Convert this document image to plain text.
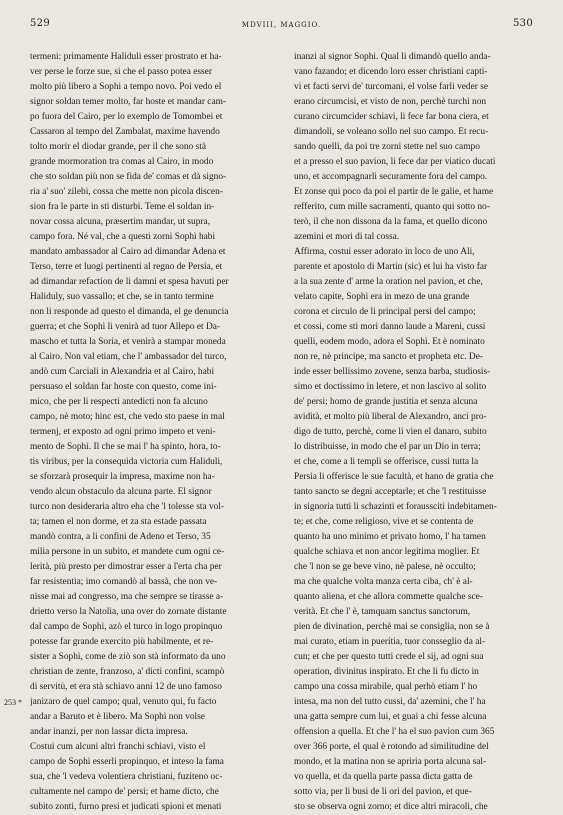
529	MDVIII, MAGGIO.	530
253 *
termeni: primamente Haliduli esser prostrato et ha-
ver perse le forze sue, si che el passo potea esser
molto più libero a Sophi a tempo novo. Poi vedo el
signor soldan temer molto, far hoste et mandar cam-
po fuora del Cairo, per lo exemplo de Tomombei et
Cassaron al tempo del Zambalat, maxime havendo
tolto morir el diodar grande, per il che sono stà
grande mormoration tra comas al Cairo, in modo
che sto soldan più non se fida de' comas et dà signo-
ria a' suo' zilebi, cossa che mette non picola discen-
sion fra le parte in sti disturbi. Teme el soldan in-
novar cossa alcuna, præsertim mandar, ut supra,
campo fora. Né val, che a questi zorni Sophì habi
mandato ambassador al Cairo ad dimandar Adena et
Terso, terre et luogi pertinenti al regno de Persia, et
ad dimandar refaction de li damni et spesa havuti per
Haliduly, suo vassallo; et che, se in tanto termine
non li responde ad questo el dimanda, el ge denuncia
guerra; et che Sophì li venirà ad tuor Allepo et Da-
mascho et tutta la Soria, et venirà a stampar moneda
al Cairo. Non val etiam, che l' ambassador del turco,
andò cum Carciali in Alexandria et al Cairo, habi
persuaso el soldan far hoste con questo, come ini-
mico, che per li respecti antedicti non fa alcuno
campo, nè moto; hinc est, che vedo sto paese in mal
termenj, et exposto ad ogni primo impeto et veni-
mento de Sophì. Il che se mai l' ha spinto, hora, to-
tis viribus, per la consequida victoria cum Haliduli,
se sforzarà prosequir la impresa, maxime non ha-
vendo alcun obstaculo da alcuna parte. El signor
turco non desideraria altro eha che 'l tolesse sta vol-
ta; tamen el non dorme, et za sta estade passata
mandò contra, a li confini de Adeno et Terso, 35
milia persone in un subito, et mandete cum ogni ce-
lerità, più presto per dimostrar esser a l'erta cha per
far resistentia; imo comandò al bassà, che non ve-
nisse mai ad congresso, ma che sempre se tirasse a-
drietto verso la Natolia, una over do zornate distante
dal campo de Sophì, azò el turco in logo propinquo
potesse far grande exercito più habilmente, et re-
sister a Sophì, come de ziò son stà informato da uno
christian de zente, franzoso, a' dicti confini, scampò
di servitù, et era stà schiavo anni 12 de uno famoso
janizaro de quel campo; qual, venuto qui, fu facto
andar a Baruto et è libero. Ma Sophì non volse
andar inanzi, per non lassar dicta impresa.
Costui cum alcuni altri franchi schiavi, visto el
campo de Sophì esserli propinquo, et inteso la fama
sua, che 'l vedeva volentiera christiani, fuziteno oc-
cultamente nel campo de' persi; et hame dicto, che
subito zonti, furno presi et judicati spioni et menati
inanzi al signor Sophi. Qual li dimandò quello anda-
vano fazando; et dicendo loro esser christiani capti-
vi et facti servi de' turcomani, el volse farli veder se
erano circumcisi, et visto de non, perchè turchi non
curano circumcider schiavi, li fece far bona ciera, et
dimandoli, se voleano sollo nel suo campo. Et recu-
sando quelli, da poi tre zorni stette nel suo campo
et a presso el suo pavion, li fece dar per viatico ducati
uno, et accompagnarli securamente fora del campo.
Et zonse qui poco da poi el partir de le galie, et hame
refferito, cum mille sacramenti, quanto qui sotto no-
terò, il che non dissona da la fama, et quello dicono
azemini et mori di tal cossa.
Affirma, costui esser adorato in loco de uno Ali,
parente et apostolo di Martin (sic) et lui ha visto far
a la sua zente d' arme la oration nel pavion, et che,
velato capite, Sophì era in mezo de una grande
corona et circulo de li principal persi del campo;
et cossi, come sti mori danno laude a Mareni, cussi
quelli, eodem modo, adora el Sophì. Et è nominato
non re, nè principe, ma sancto et propheta etc. De-
inde esser bellissimo zovene, senza barba, studiosis-
simo et doctissimo in letere, et non lascivo al solito
de' persi; homo de grande justitia et senza alcuna
avidità, et molto più liberal de Alexandro, anci pro-
digo de tutto, perchè, come li vien el danaro, subito
lo distribuisse, in modo che el par un Dio in terra;
et che, come a li templi se offerisce, cussi tutta la
Persia li offerisce le sue facultà, et hano de gratia che
tanto sancto se degni acceptarle; et che 'l restituisse
in signoria tutti li schazinti et foraussciti indebitamen-
te; et che, come religioso, vive et se contenta de
quanto ha uno minimo et privato homo, l' ha tamen
qualche schiava et non ancor legitima moglier. Et
che 'l non se ge beve vino, nè palese, nè occulto;
ma che qualche volta manza certa ciba, ch' è al-
quanto aliena, et che allora commette qualche sce-
verità. Et che l' è, tamquam sanctus sanctorum,
pien de divination, perchè mai se consiglia, non se à
mai curato, etiam in puerítia, tuor consseglio da al-
cun; et che per questo tutti crede el sij, ad ogni sua
operation, divinitus inspirato. Et che li fu dicto in
campo una cossa mirabile, qual perhò etiam l' ho
intesa, ma non del tutto cussi, da' azemini, che l' ha
una gatta sempre cum lui, et guai a chi fesse alcuna
offension a quella. Et che l' ha el suo pavion cum 365
over 366 porte, el qual è rotondo ad similitudine del
mondo, et la matina non se apriria porta alcuna sal-
vo quella, et da quella parte passa dicta gatta de
sotto via, per li busi de li ori del pavion, et que-
sto se observa ogni zorno; et dice altri miracoli, che
